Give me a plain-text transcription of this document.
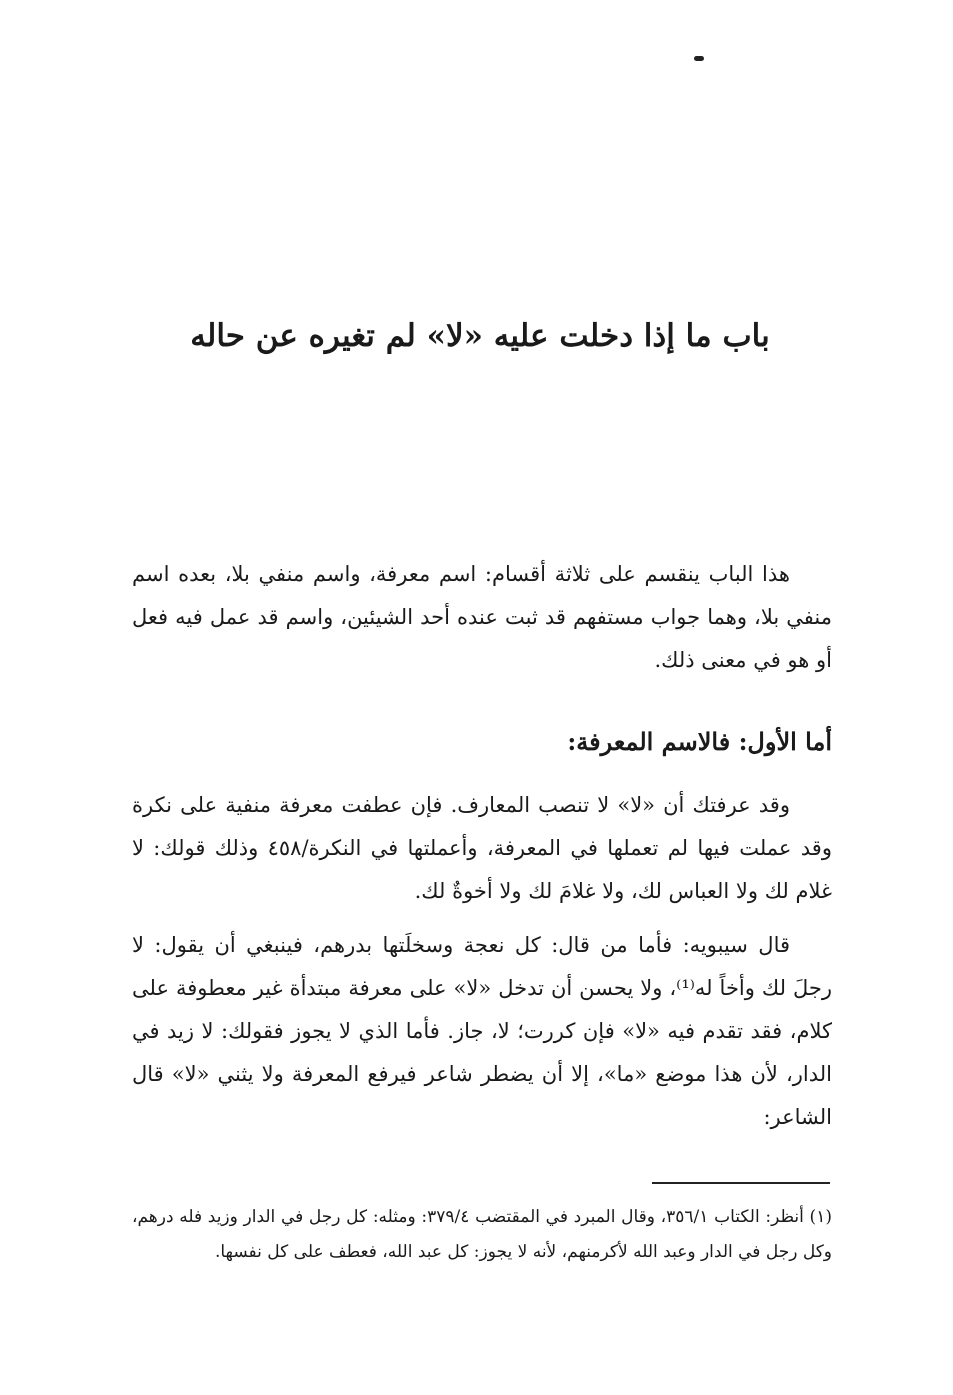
باب ما إذا دخلت عليه «لا» لم تغيره عن حاله

هذا الباب ينقسم على ثلاثة أقسام: اسم معرفة، واسم منفي بلا، بعده اسم منفي بلا، وهما جواب مستفهم قد ثبت عنده أحد الشيئين، واسم قد عمل فيه فعل أو هو في معنى ذلك.

أما الأول: فالاسم المعرفة:

وقد عرفتك أن «لا» لا تنصب المعارف. فإن عطفت معرفة منفية على نكرة وقد عملت فيها لم تعملها في المعرفة، وأعملتها في النكرة/٤٥٨ وذلك قولك: لا غلام لك ولا العباس لك، ولا غلامَ لك ولا أخوةٌ لك.

قال سيبويه: فأما من قال: كل نعجة وسخلَتها بدرهم، فينبغي أن يقول: لا رجلَ لك وأخاً له⁽¹⁾، ولا يحسن أن تدخل «لا» على معرفة مبتدأة غير معطوفة على كلام، فقد تقدم فيه «لا» فإن كررت؛ لا، جاز. فأما الذي لا يجوز فقولك: لا زيد في الدار، لأن هذا موضع «ما»، إلا أن يضطر شاعر فيرفع المعرفة ولا يثني «لا» قال الشاعر:

(١) أنظر: الكتاب ٣٥٦/١، وقال المبرد في المقتضب ٣٧٩/٤: ومثله: كل رجل في الدار وزيد فله درهم، وكل رجل في الدار وعبد الله لأكرمنهم، لأنه لا يجوز: كل عبد الله، فعطف على كل نفسها.
